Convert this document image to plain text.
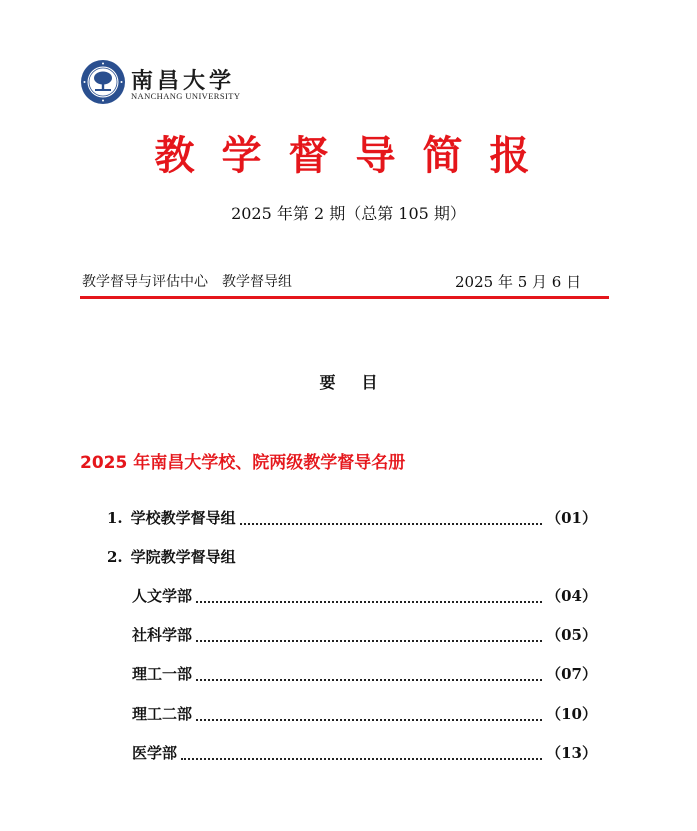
南昌大学
NANCHANG UNIVERSITY
教学督导简报
2025 年第 2 期（总第 105 期）
教学督导与评估中心　教学督导组	2025 年 5 月 6 日
要目
2025 年南昌大学校、院两级教学督导名册
1. 学校教学督导组	（01）
2. 学院教学督导组
人文学部	（04）
社科学部	（05）
理工一部	（07）
理工二部	（10）
医学部	（13）
